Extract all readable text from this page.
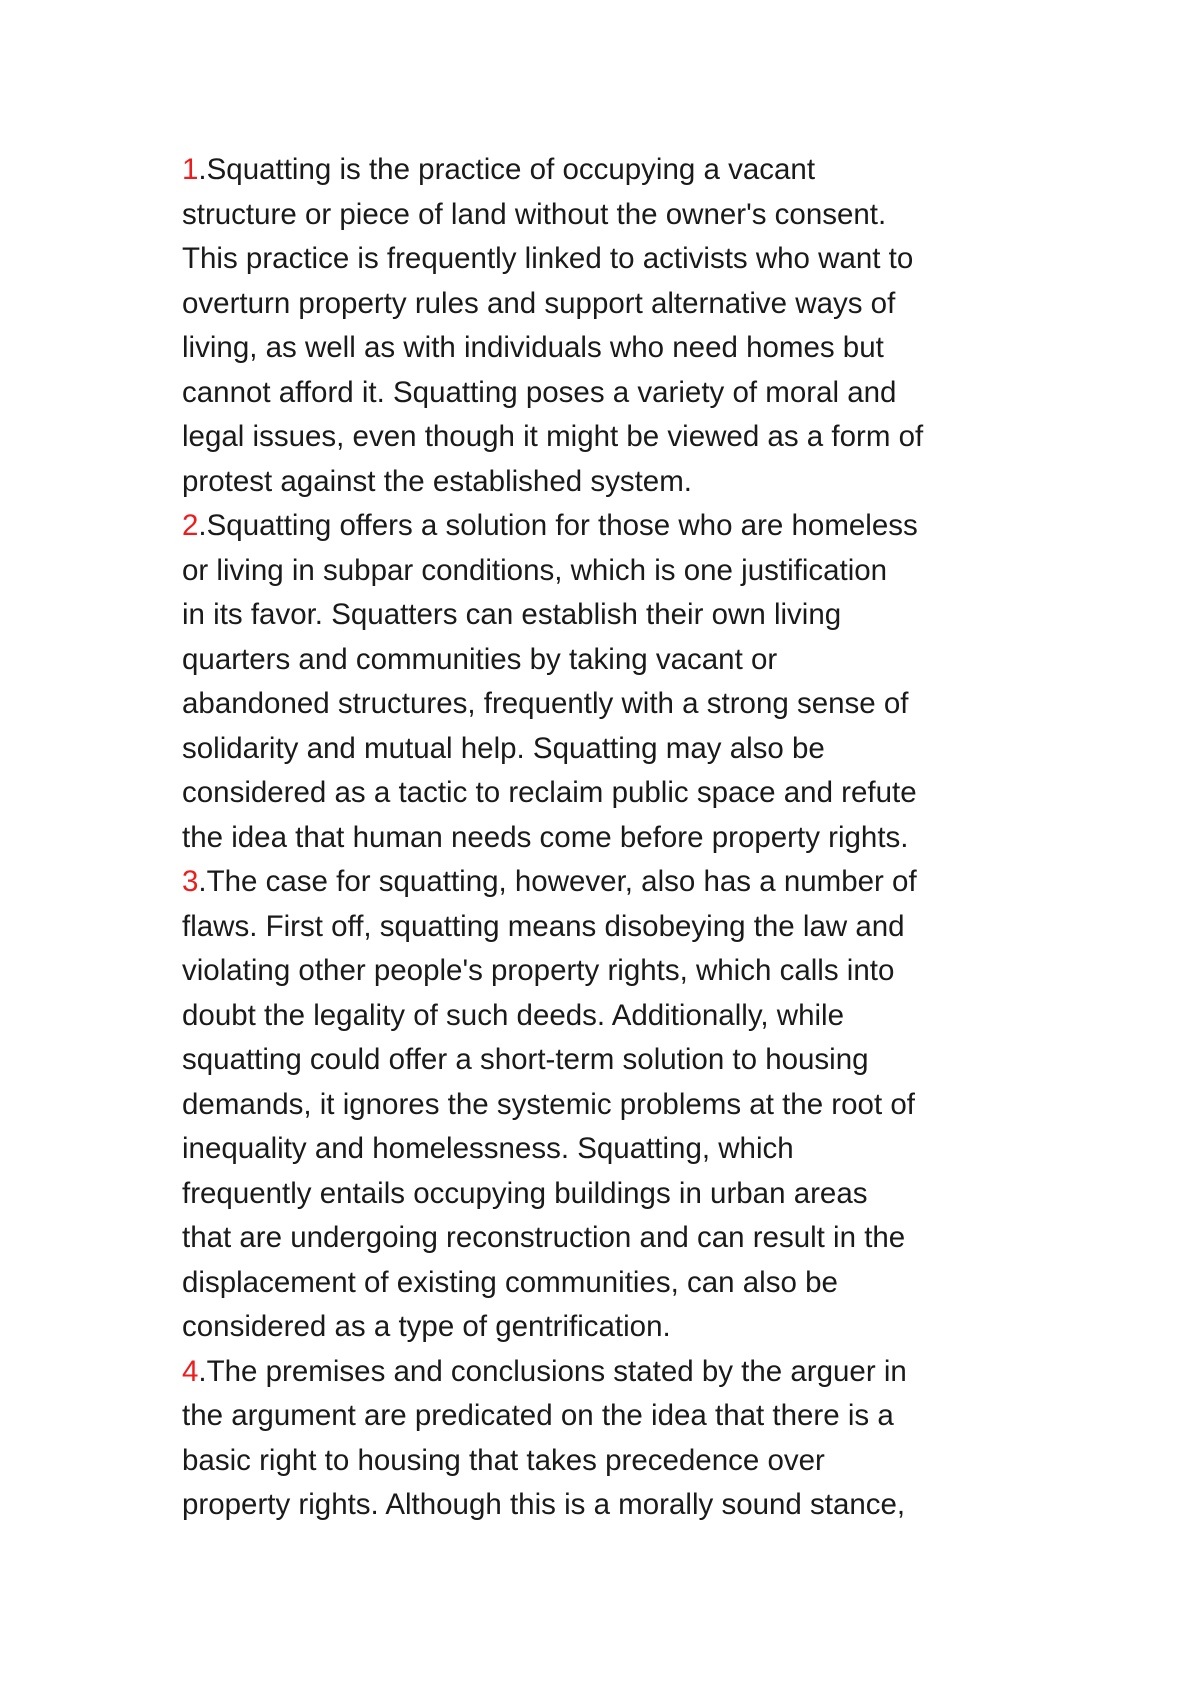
1.Squatting is the practice of occupying a vacant
structure or piece of land without the owner's consent.
This practice is frequently linked to activists who want to
overturn property rules and support alternative ways of
living, as well as with individuals who need homes but
cannot afford it. Squatting poses a variety of moral and
legal issues, even though it might be viewed as a form of
protest against the established system.
2.Squatting offers a solution for those who are homeless
or living in subpar conditions, which is one justification
in its favor. Squatters can establish their own living
quarters and communities by taking vacant or
abandoned structures, frequently with a strong sense of
solidarity and mutual help. Squatting may also be
considered as a tactic to reclaim public space and refute
the idea that human needs come before property rights.
3.The case for squatting, however, also has a number of
flaws. First off, squatting means disobeying the law and
violating other people's property rights, which calls into
doubt the legality of such deeds. Additionally, while
squatting could offer a short-term solution to housing
demands, it ignores the systemic problems at the root of
inequality and homelessness. Squatting, which
frequently entails occupying buildings in urban areas
that are undergoing reconstruction and can result in the
displacement of existing communities, can also be
considered as a type of gentrification.
4.The premises and conclusions stated by the arguer in
the argument are predicated on the idea that there is a
basic right to housing that takes precedence over
property rights. Although this is a morally sound stance,
